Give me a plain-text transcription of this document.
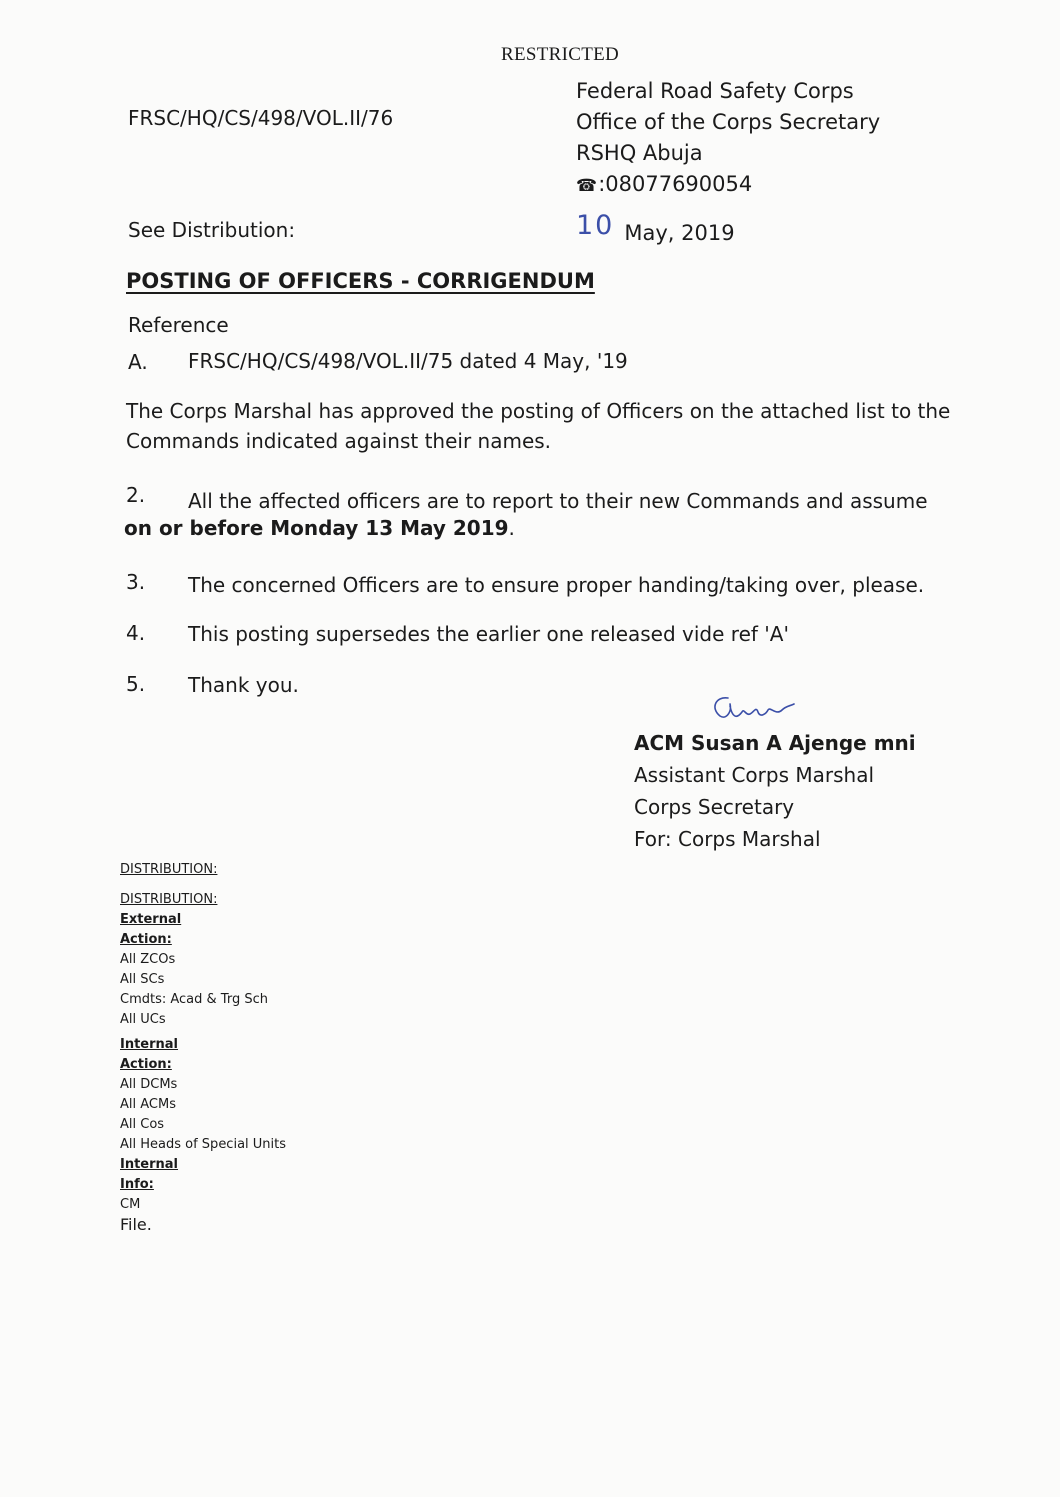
RESTRICTED
FRSC/HQ/CS/498/VOL.II/76
Federal Road Safety Corps
Office of the Corps Secretary
RSHQ Abuja
☎:08077690054
See Distribution:	10 May, 2019
POSTING OF OFFICERS - CORRIGENDUM
Reference
A. FRSC/HQ/CS/498/VOL.II/75 dated 4 May, '19
The Corps Marshal has approved the posting of Officers on the attached list to the Commands indicated against their names.
2. All the affected officers are to report to their new Commands and assume
on or before Monday 13 May 2019.
3. The concerned Officers are to ensure proper handing/taking over, please.
4. This posting supersedes the earlier one released vide ref 'A'
5. Thank you.
ACM Susan A Ajenge mni
Assistant Corps Marshal
Corps Secretary
For: Corps Marshal
DISTRIBUTION:
DISTRIBUTION:
External
Action:
All ZCOs
All SCs
Cmdts: Acad & Trg Sch
All UCs
Internal
Action:
All DCMs
All ACMs
All Cos
All Heads of Special Units
Internal
Info:
CM
File.
